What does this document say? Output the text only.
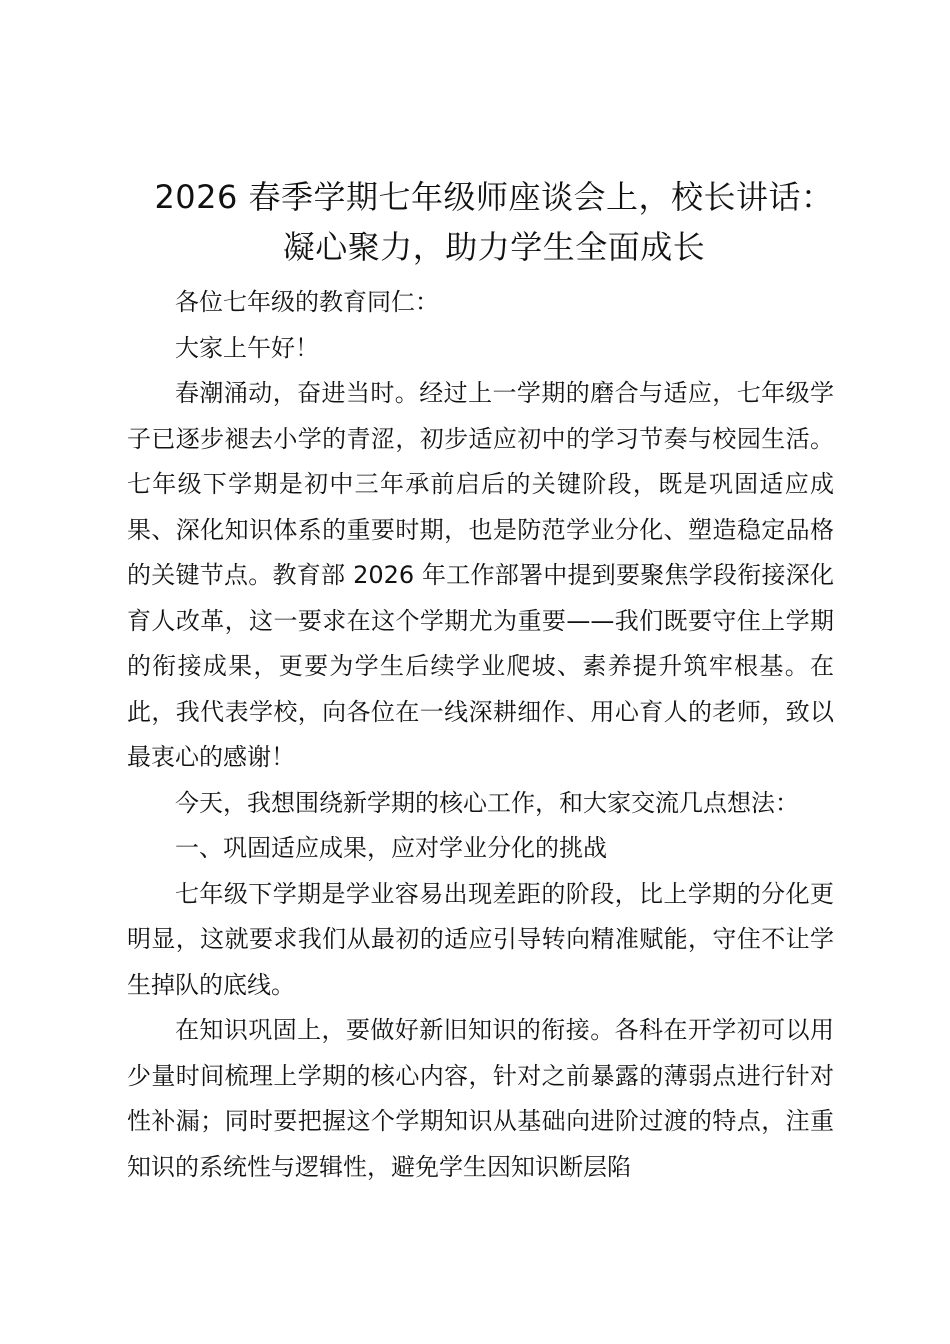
2026 春季学期七年级师座谈会上，校长讲话：
凝心聚力，助力学生全面成长

各位七年级的教育同仁：

大家上午好！

春潮涌动，奋进当时。经过上一学期的磨合与适应，七年级学子已逐步褪去小学的青涩，初步适应初中的学习节奏与校园生活。七年级下学期是初中三年承前启后的关键阶段，既是巩固适应成果、深化知识体系的重要时期，也是防范学业分化、塑造稳定品格的关键节点。教育部 2026 年工作部署中提到要聚焦学段衔接深化育人改革，这一要求在这个学期尤为重要——我们既要守住上学期的衔接成果，更要为学生后续学业爬坡、素养提升筑牢根基。在此，我代表学校，向各位在一线深耕细作、用心育人的老师，致以最衷心的感谢！

今天，我想围绕新学期的核心工作，和大家交流几点想法：

一、巩固适应成果，应对学业分化的挑战

七年级下学期是学业容易出现差距的阶段，比上学期的分化更明显，这就要求我们从最初的适应引导转向精准赋能，守住不让学生掉队的底线。

在知识巩固上，要做好新旧知识的衔接。各科在开学初可以用少量时间梳理上学期的核心内容，针对之前暴露的薄弱点进行针对性补漏；同时要把握这个学期知识从基础向进阶过渡的特点，注重知识的系统性与逻辑性，避免学生因知识断层陷
